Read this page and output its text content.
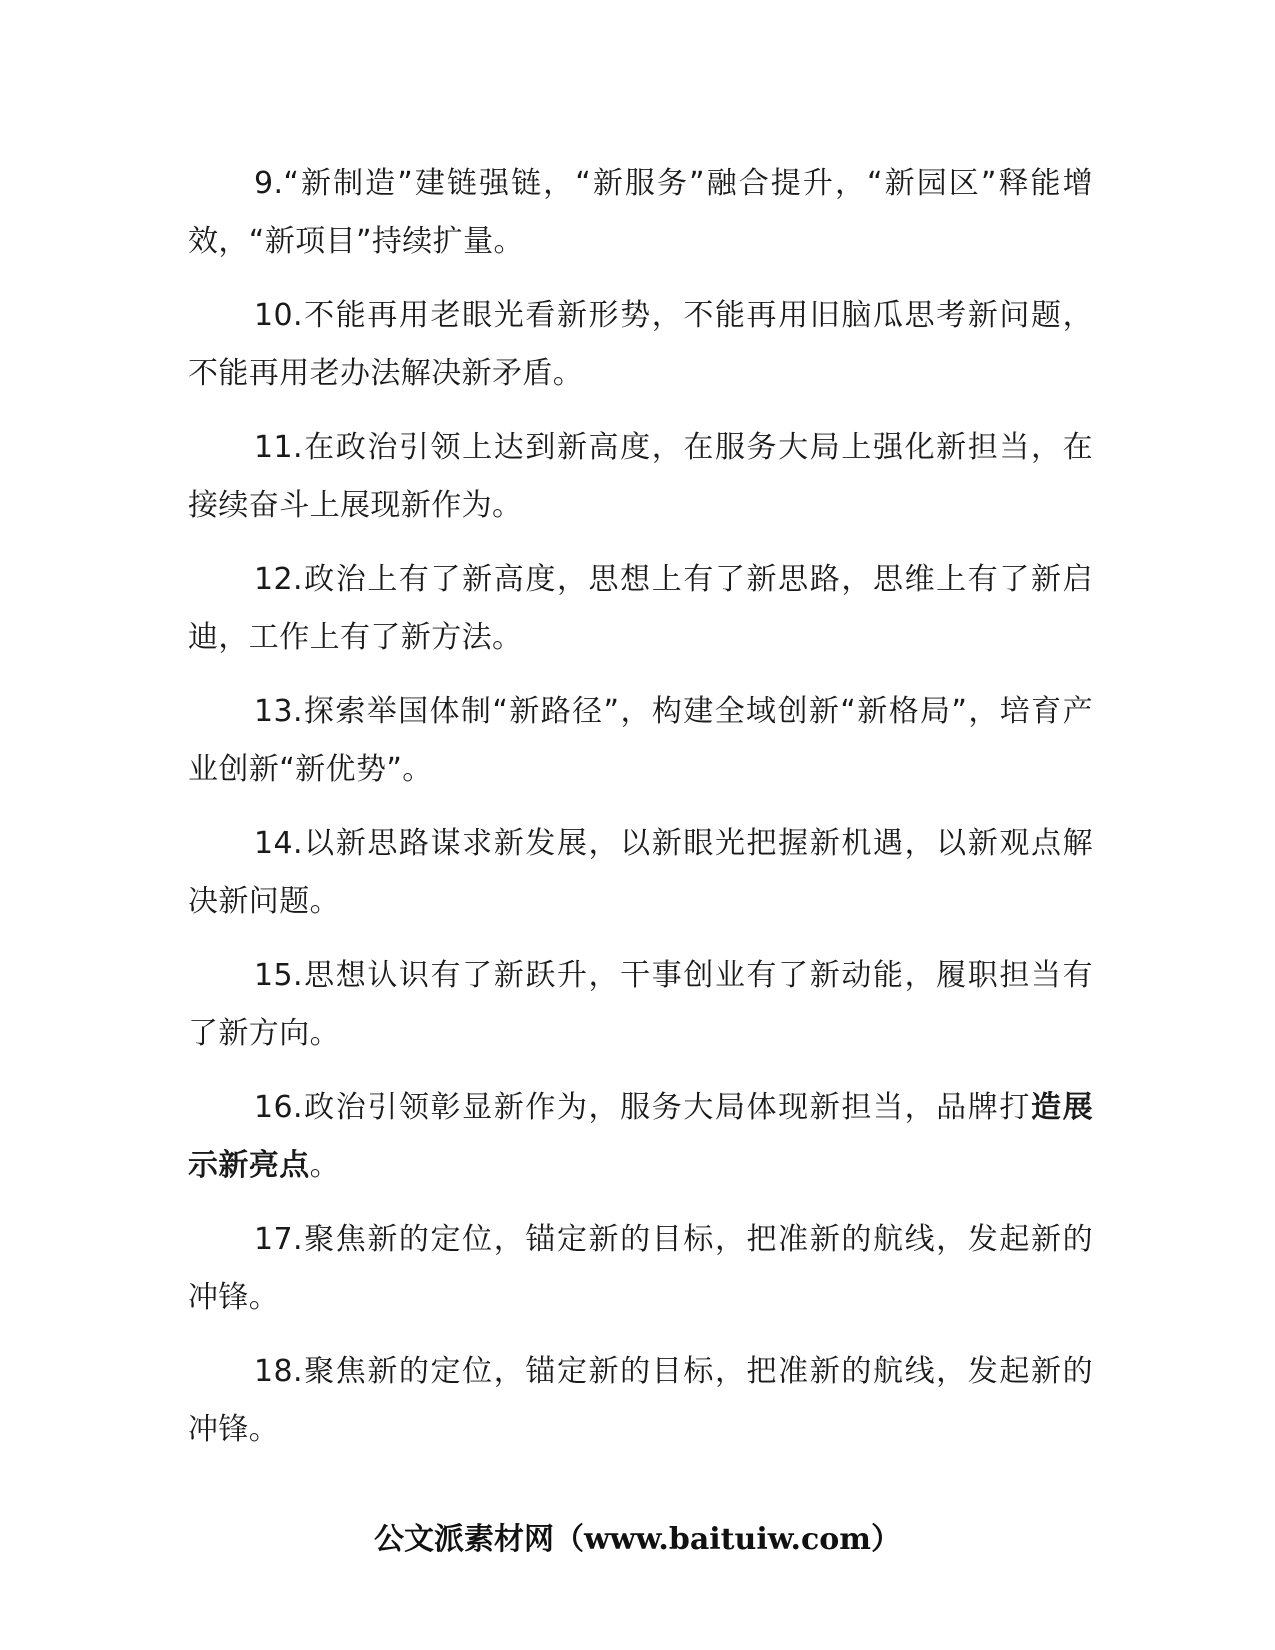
9.“新制造”建链强链，“新服务”融合提升，“新园区”释能增效，“新项目”持续扩量。

10.不能再用老眼光看新形势，不能再用旧脑瓜思考新问题，不能再用老办法解决新矛盾。

11.在政治引领上达到新高度，在服务大局上强化新担当，在接续奋斗上展现新作为。

12.政治上有了新高度，思想上有了新思路，思维上有了新启迪，工作上有了新方法。

13.探索举国体制“新路径”，构建全域创新“新格局”，培育产业创新“新优势”。

14.以新思路谋求新发展，以新眼光把握新机遇，以新观点解决新问题。

15.思想认识有了新跃升，干事创业有了新动能，履职担当有了新方向。

16.政治引领彰显新作为，服务大局体现新担当，品牌打造展示新亮点。

17.聚焦新的定位，锚定新的目标，把准新的航线，发起新的冲锋。

18.聚焦新的定位，锚定新的目标，把准新的航线，发起新的冲锋。

公文派素材网（www.baituiw.com）
